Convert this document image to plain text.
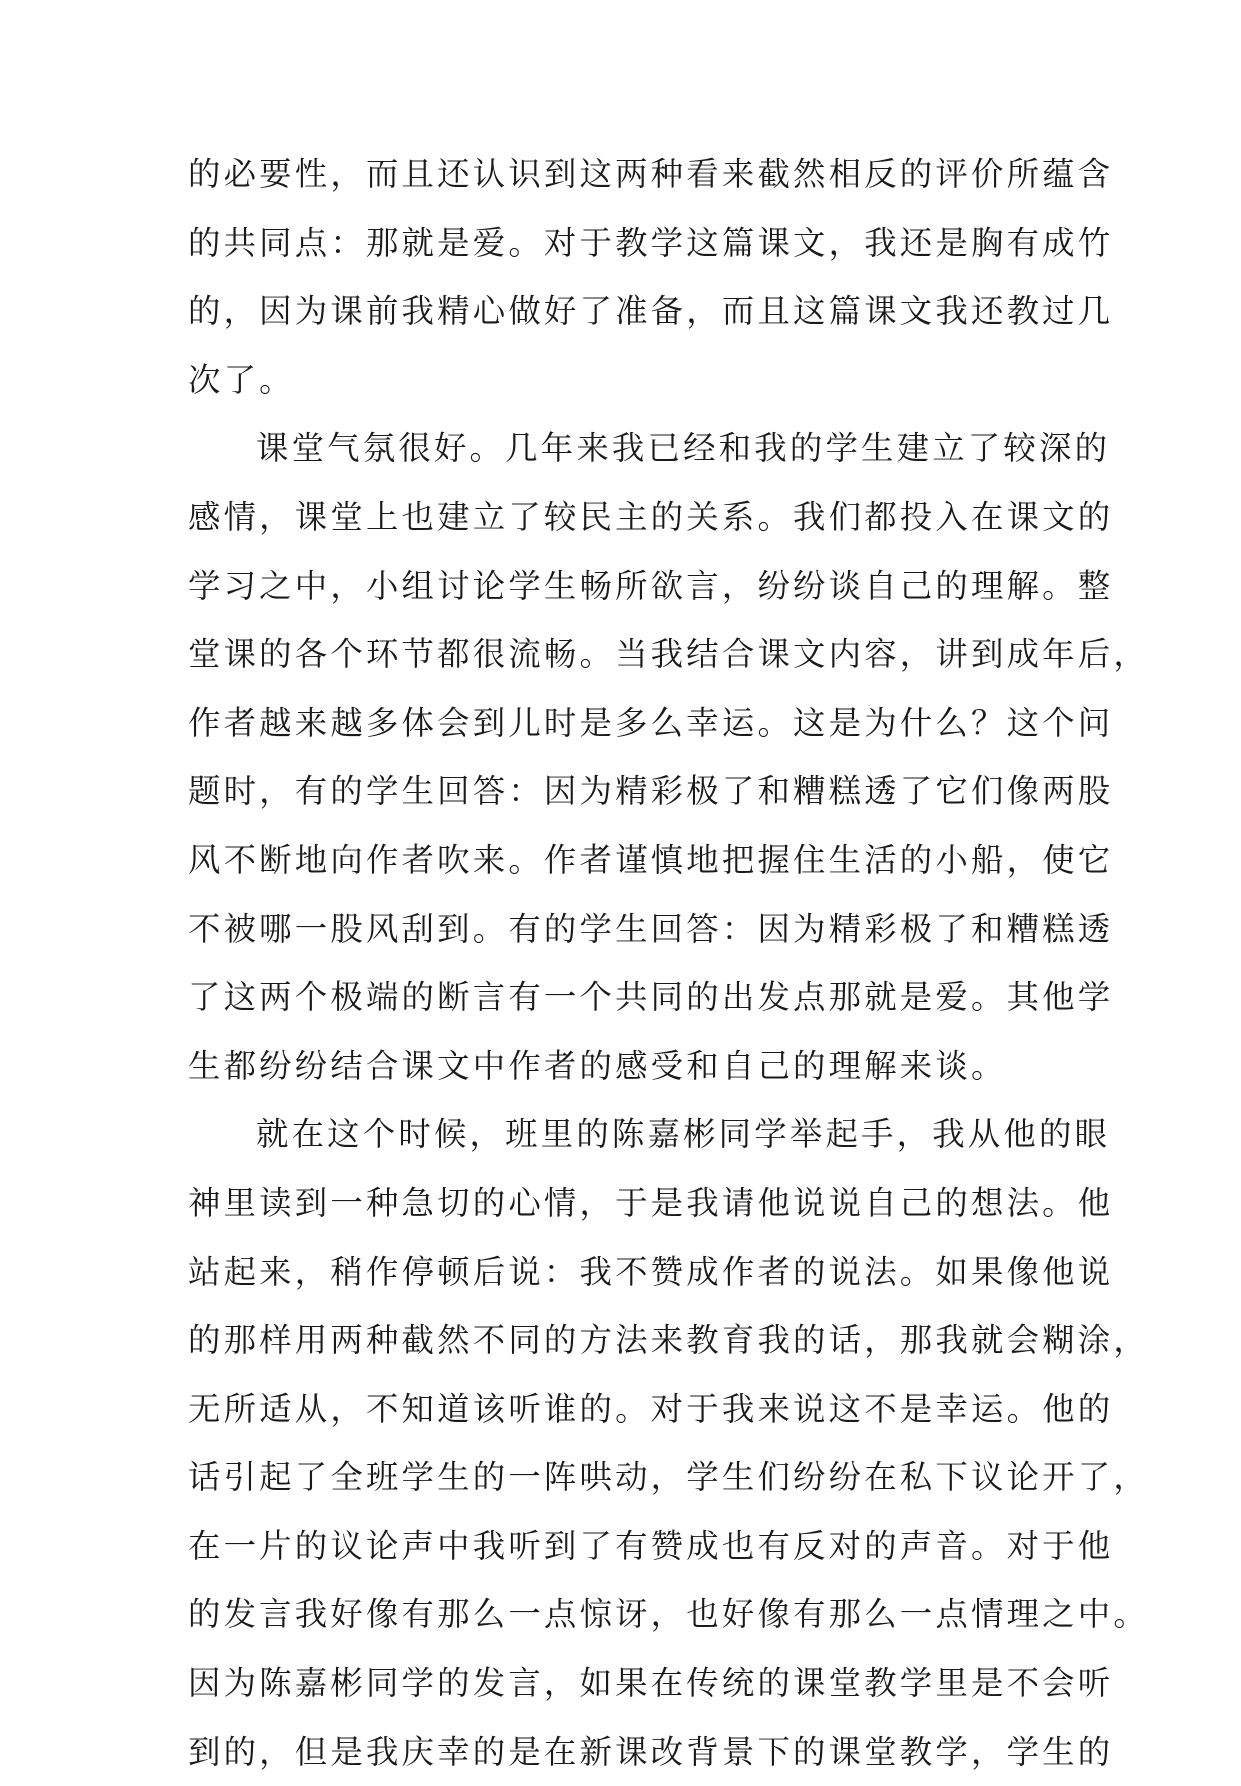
的必要性，而且还认识到这两种看来截然相反的评价所蕴含
的共同点：那就是爱。对于教学这篇课文，我还是胸有成竹
的，因为课前我精心做好了准备，而且这篇课文我还教过几
次了。
课堂气氛很好。几年来我已经和我的学生建立了较深的
感情，课堂上也建立了较民主的关系。我们都投入在课文的
学习之中，小组讨论学生畅所欲言，纷纷谈自己的理解。整
堂课的各个环节都很流畅。当我结合课文内容，讲到成年后，
作者越来越多体会到儿时是多么幸运。这是为什么？这个问
题时，有的学生回答：因为精彩极了和糟糕透了它们像两股
风不断地向作者吹来。作者谨慎地把握住生活的小船，使它
不被哪一股风刮到。有的学生回答：因为精彩极了和糟糕透
了这两个极端的断言有一个共同的出发点那就是爱。其他学
生都纷纷结合课文中作者的感受和自己的理解来谈。
就在这个时候，班里的陈嘉彬同学举起手，我从他的眼
神里读到一种急切的心情，于是我请他说说自己的想法。他
站起来，稍作停顿后说：我不赞成作者的说法。如果像他说
的那样用两种截然不同的方法来教育我的话，那我就会糊涂，
无所适从，不知道该听谁的。对于我来说这不是幸运。他的
话引起了全班学生的一阵哄动，学生们纷纷在私下议论开了，
在一片的议论声中我听到了有赞成也有反对的声音。对于他
的发言我好像有那么一点惊讶，也好像有那么一点情理之中。
因为陈嘉彬同学的发言，如果在传统的课堂教学里是不会听
到的，但是我庆幸的是在新课改背景下的课堂教学，学生的
